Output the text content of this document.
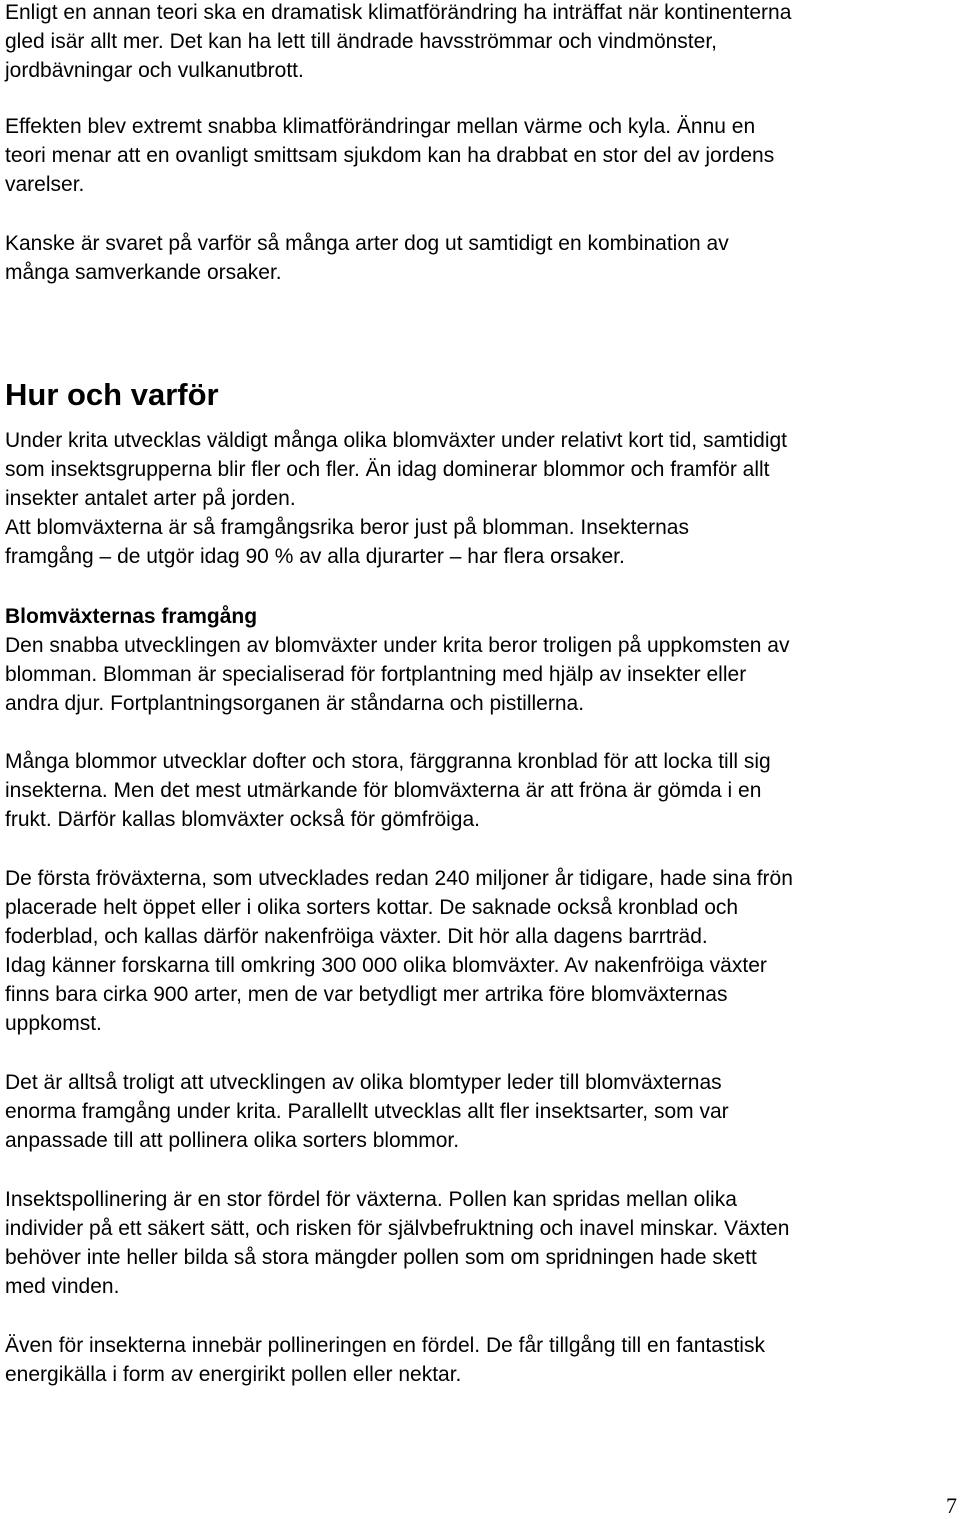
Enligt en annan teori ska en dramatisk klimatförändring ha inträffat när kontinenterna
gled isär allt mer. Det kan ha lett till ändrade havsströmmar och vindmönster,
jordbävningar och vulkanutbrott.
Effekten blev extremt snabba klimatförändringar mellan värme och kyla. Ännu en
teori menar att en ovanligt smittsam sjukdom kan ha drabbat en stor del av jordens
varelser.
Kanske är svaret på varför så många arter dog ut samtidigt en kombination av
många samverkande orsaker.
Hur och varför
Under krita utvecklas väldigt många olika blomväxter under relativt kort tid, samtidigt
som insektsgrupperna blir fler och fler. Än idag dominerar blommor och framför allt
insekter antalet arter på jorden.
Att blomväxterna är så framgångsrika beror just på blomman. Insekternas
framgång – de utgör idag 90 % av alla djurarter – har flera orsaker.
Blomväxternas framgång
Den snabba utvecklingen av blomväxter under krita beror troligen på uppkomsten av
blomman. Blomman är specialiserad för fortplantning med hjälp av insekter eller
andra djur. Fortplantningsorganen är ståndarna och pistillerna.
Många blommor utvecklar dofter och stora, färggranna kronblad för att locka till sig
insekterna. Men det mest utmärkande för blomväxterna är att fröna är gömda i en
frukt. Därför kallas blomväxter också för gömfröiga.
De första fröväxterna, som utvecklades redan 240 miljoner år tidigare, hade sina frön
placerade helt öppet eller i olika sorters kottar. De saknade också kronblad och
foderblad, och kallas därför nakenfröiga växter. Dit hör alla dagens barrträd.
Idag känner forskarna till omkring 300 000 olika blomväxter. Av nakenfröiga växter
finns bara cirka 900 arter, men de var betydligt mer artrika före blomväxternas
uppkomst.
Det är alltså troligt att utvecklingen av olika blomtyper leder till blomväxternas
enorma framgång under krita. Parallellt utvecklas allt fler insektsarter, som var
anpassade till att pollinera olika sorters blommor.
Insektspollinering är en stor fördel för växterna. Pollen kan spridas mellan olika
individer på ett säkert sätt, och risken för självbefruktning och inavel minskar. Växten
behöver inte heller bilda så stora mängder pollen som om spridningen hade skett
med vinden.
Även för insekterna innebär pollineringen en fördel. De får tillgång till en fantastisk
energikälla i form av energirikt pollen eller nektar.
7
